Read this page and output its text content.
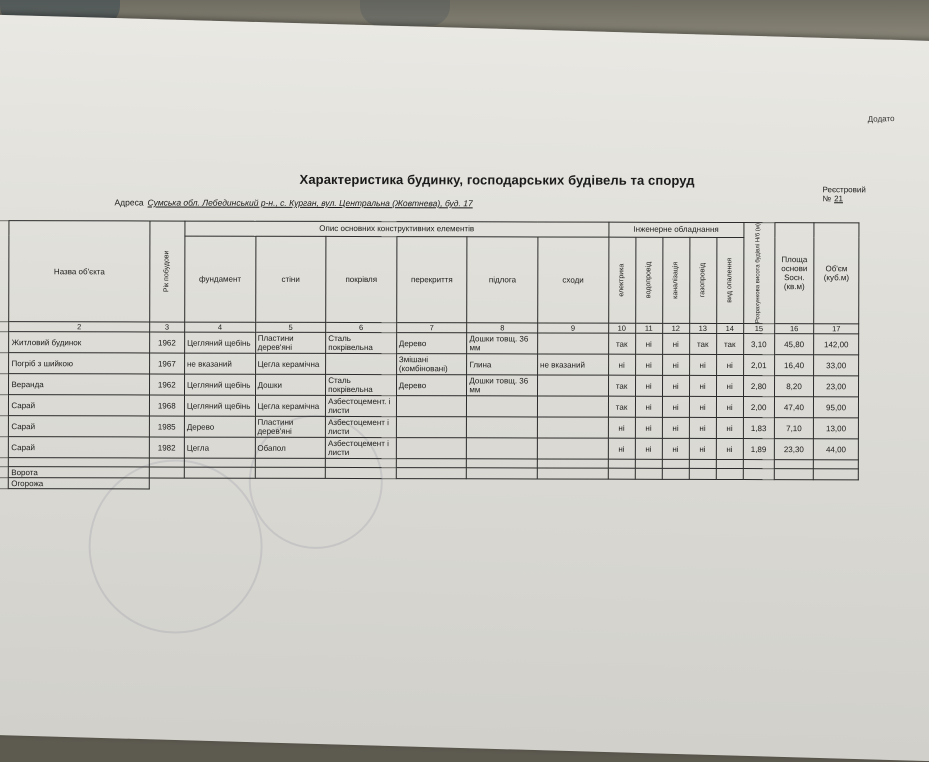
Додато
Характеристика будинку, господарських будівель та споруд
Реєстровий № 21
Адреса Сумська обл. Лебединський р-н., с. Курган, вул. Центральна (Жовтнева), буд. 17
	Назва об'єкта	Рік побудови	Опис основних конструктивних елементів						Інженерне обладнання					Розрахункова висота будівлі Н/б (м)	Площа основи Sосн. (кв.м)	Об'єм (куб.м)
			фундамент	стіни	покрівля	перекриття	підлога	сходи	електрика	водопровід	каналізація	газопровід	вид опалення			

	2	3	4	5	6	7	8	9	10	11	12	13	14	15	16	17
	Житловий будинок	1962	Цегляний щебінь	Пластини дерев'яні	Сталь покрівельна	Дерево	Дошки товщ. 36 мм		так	ні	ні	так	так	3,10	45,80	142,00
	Погріб з шийкою	1967	не вказаний	Цегла керамічна		Змішані (комбіновані)	Глина	не вказаний	ні	ні	ні	ні	ні	2,01	16,40	33,00
	Веранда	1962	Цегляний щебінь	Дошки	Сталь покрівельна	Дерево	Дошки товщ. 36 мм		так	ні	ні	ні	ні	2,80	8,20	23,00
	Сарай	1968	Цегляний щебінь	Цегла керамічна	Азбестоцемент. і листи				так	ні	ні	ні	ні	2,00	47,40	95,00
	Сарай	1985	Дерево	Пластини дерев'яні	Азбестоцемент і листи				ні	ні	ні	ні	ні	1,83	7,10	13,00
	Сарай	1982	Цегла	Обапол	Азбестоцемент і листи				ні	ні	ні	ні	ні	1,89	23,30	44,00

	Ворота															
	Огорожа															
